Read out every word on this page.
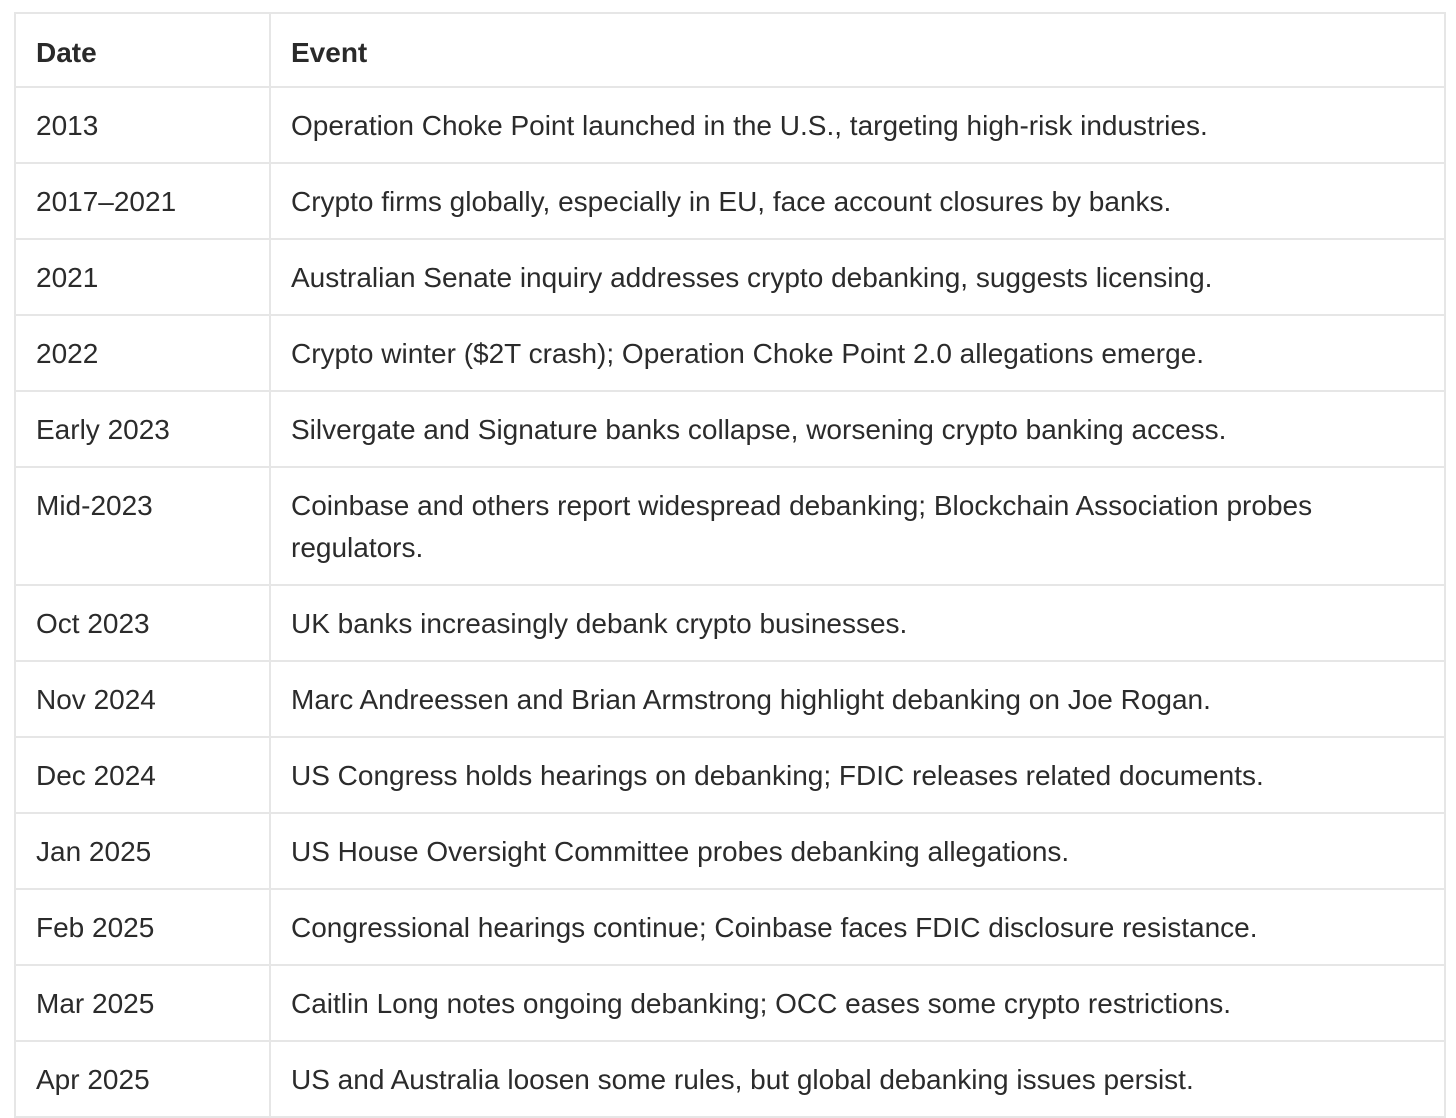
Date	Event
2013	Operation Choke Point launched in the U.S., targeting high-risk industries.
2017–2021	Crypto firms globally, especially in EU, face account closures by banks.
2021	Australian Senate inquiry addresses crypto debanking, suggests licensing.
2022	Crypto winter ($2T crash); Operation Choke Point 2.0 allegations emerge.
Early 2023	Silvergate and Signature banks collapse, worsening crypto banking access.
Mid-2023	Coinbase and others report widespread debanking; Blockchain Association probes regulators.
Oct 2023	UK banks increasingly debank crypto businesses.
Nov 2024	Marc Andreessen and Brian Armstrong highlight debanking on Joe Rogan.
Dec 2024	US Congress holds hearings on debanking; FDIC releases related documents.
Jan 2025	US House Oversight Committee probes debanking allegations.
Feb 2025	Congressional hearings continue; Coinbase faces FDIC disclosure resistance.
Mar 2025	Caitlin Long notes ongoing debanking; OCC eases some crypto restrictions.
Apr 2025	US and Australia loosen some rules, but global debanking issues persist.
